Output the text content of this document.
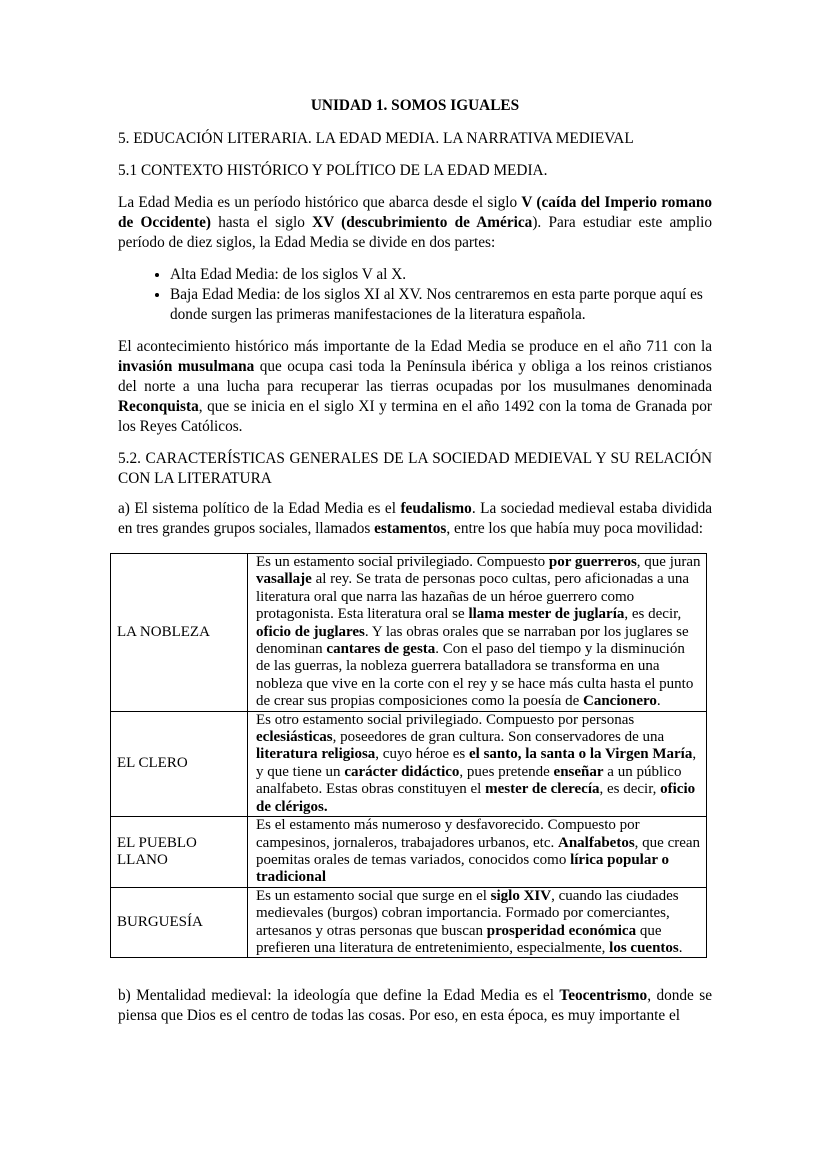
UNIDAD 1. SOMOS IGUALES
5. EDUCACIÓN LITERARIA. LA EDAD MEDIA. LA NARRATIVA MEDIEVAL
5.1 CONTEXTO HISTÓRICO Y POLÍTICO DE LA EDAD MEDIA.

La Edad Media es un período histórico que abarca desde el siglo V (caída del Imperio romano de Occidente) hasta el siglo XV (descubrimiento de América). Para estudiar este amplio período de diez siglos, la Edad Media se divide en dos partes:

• Alta Edad Media: de los siglos V al X.
• Baja Edad Media: de los siglos XI al XV. Nos centraremos en esta parte porque aquí es donde surgen las primeras manifestaciones de la literatura española.

El acontecimiento histórico más importante de la Edad Media se produce en el año 711 con la invasión musulmana que ocupa casi toda la Península ibérica y obliga a los reinos cristianos del norte a una lucha para recuperar las tierras ocupadas por los musulmanes denominada Reconquista, que se inicia en el siglo XI y termina en el año 1492 con la toma de Granada por los Reyes Católicos.

5.2. CARACTERÍSTICAS GENERALES DE LA SOCIEDAD MEDIEVAL Y SU RELACIÓN CON LA LITERATURA

a) El sistema político de la Edad Media es el feudalismo. La sociedad medieval estaba dividida en tres grandes grupos sociales, llamados estamentos, entre los que había muy poca movilidad:

LA NOBLEZA	Es un estamento social privilegiado. Compuesto por guerreros, que juran vasallaje al rey. Se trata de personas poco cultas, pero aficionadas a una literatura oral que narra las hazañas de un héroe guerrero como protagonista. Esta literatura oral se llama mester de juglaría, es decir, oficio de juglares. Y las obras orales que se narraban por los juglares se denominan cantares de gesta. Con el paso del tiempo y la disminución de las guerras, la nobleza guerrera batalladora se transforma en una nobleza que vive en la corte con el rey y se hace más culta hasta el punto de crear sus propias composiciones como la poesía de Cancionero.
EL CLERO	Es otro estamento social privilegiado. Compuesto por personas eclesiásticas, poseedores de gran cultura. Son conservadores de una literatura religiosa, cuyo héroe es el santo, la santa o la Virgen María, y que tiene un carácter didáctico, pues pretende enseñar a un público analfabeto. Estas obras constituyen el mester de clerecía, es decir, oficio de clérigos.
EL PUEBLO LLANO	Es el estamento más numeroso y desfavorecido. Compuesto por campesinos, jornaleros, trabajadores urbanos, etc. Analfabetos, que crean poemitas orales de temas variados, conocidos como lírica popular o tradicional
BURGUESÍA	Es un estamento social que surge en el siglo XIV, cuando las ciudades medievales (burgos) cobran importancia. Formado por comerciantes, artesanos y otras personas que buscan prosperidad económica que prefieren una literatura de entretenimiento, especialmente, los cuentos.

b) Mentalidad medieval: la ideología que define la Edad Media es el Teocentrismo, donde se piensa que Dios es el centro de todas las cosas. Por eso, en esta época, es muy importante el
